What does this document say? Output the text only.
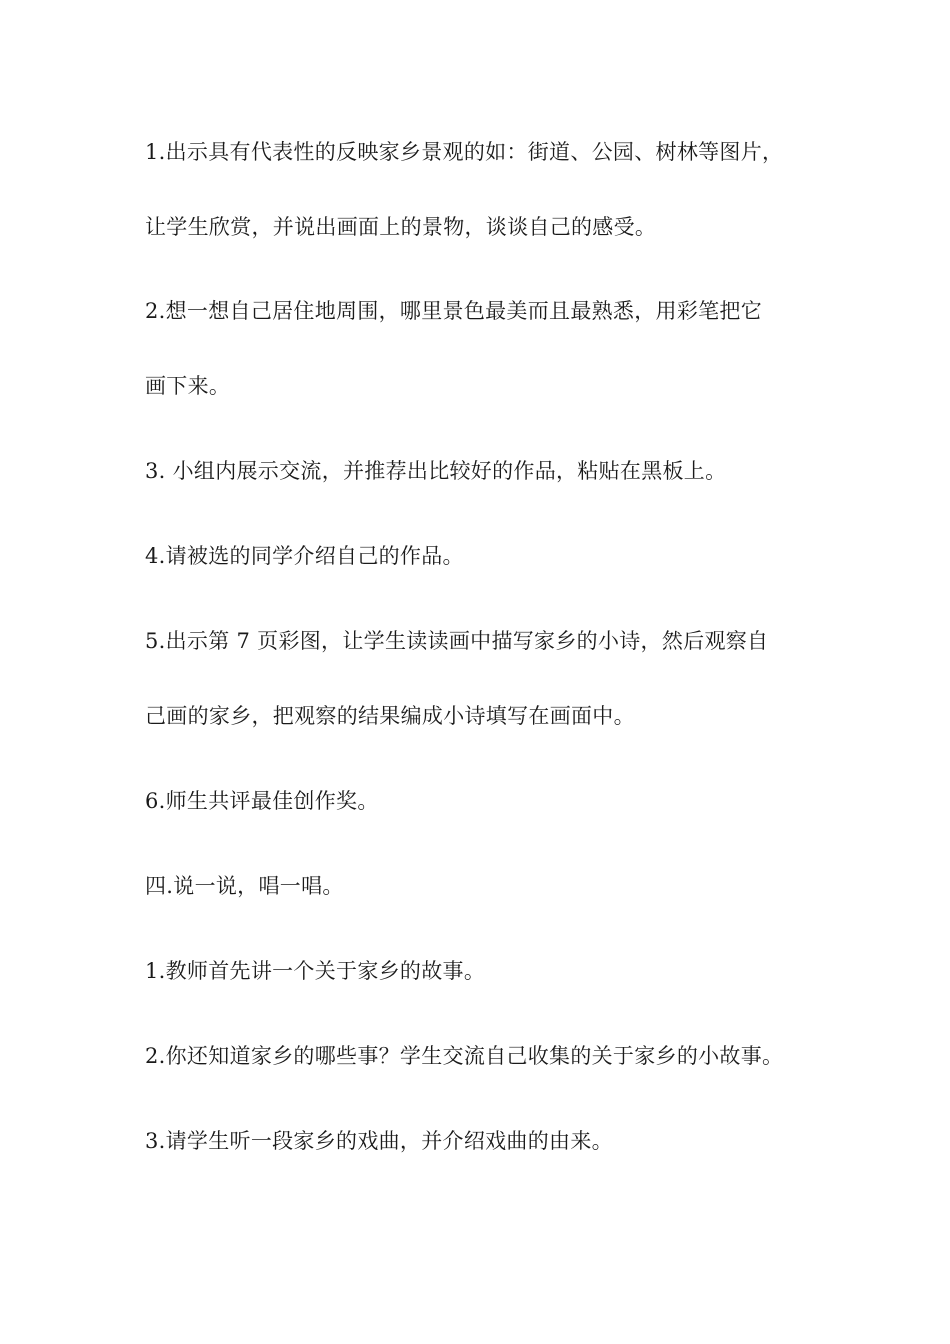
1.出示具有代表性的反映家乡景观的如：街道、公园、树林等图片，
让学生欣赏，并说出画面上的景物，谈谈自己的感受。
2.想一想自己居住地周围，哪里景色最美而且最熟悉，用彩笔把它
画下来。
3. 小组内展示交流，并推荐出比较好的作品，粘贴在黑板上。
4.请被选的同学介绍自己的作品。
5.出示第 7 页彩图，让学生读读画中描写家乡的小诗，然后观察自
己画的家乡，把观察的结果编成小诗填写在画面中。
6.师生共评最佳创作奖。
四.说一说，唱一唱。
1.教师首先讲一个关于家乡的故事。
2.你还知道家乡的哪些事？学生交流自己收集的关于家乡的小故事。
3.请学生听一段家乡的戏曲，并介绍戏曲的由来。
